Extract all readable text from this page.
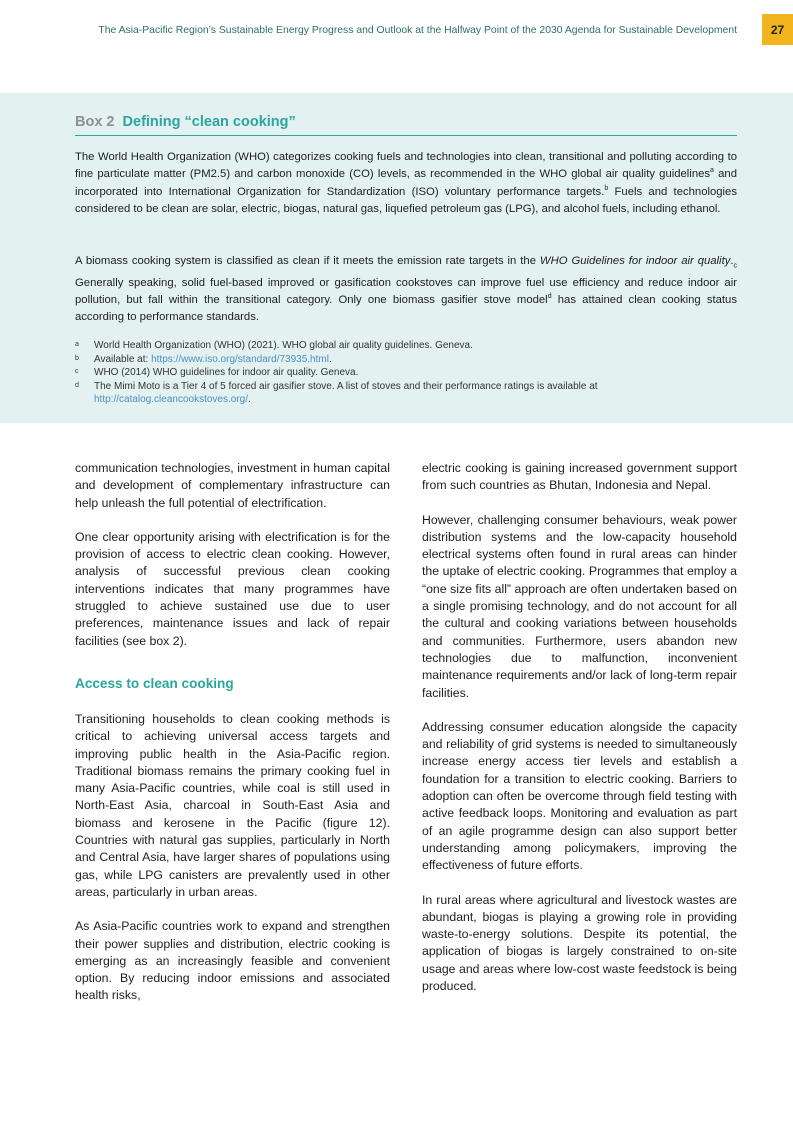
The Asia-Pacific Region’s Sustainable Energy Progress and Outlook at the Halfway Point of the 2030 Agenda for Sustainable Development	27
Box 2 Defining “clean cooking”

The World Health Organization (WHO) categorizes cooking fuels and technologies into clean, transitional and polluting according to fine particulate matter (PM2.5) and carbon monoxide (CO) levels, as recommended in the WHO global air quality guidelines$^a$ and incorporated into International Organization for Standardization (ISO) voluntary performance targets.$^b$ Fuels and technologies considered to be clean are solar, electric, biogas, natural gas, liquefied petroleum gas (LPG), and alcohol fuels, including ethanol.

A biomass cooking system is classified as clean if it meets the emission rate targets in the WHO Guidelines for indoor air $quality._c$ Generally speaking, solid fuel-based improved or gasification cookstoves can improve fuel use efficiency and reduce indoor air pollution, but fall within the transitional category. Only one biomass gasifier stove model$^d$ has attained clean cooking status according to performance standards.

a	World Health Organization (WHO) (2021). WHO global air quality guidelines. Geneva.
b	Available at: https://www.iso.org/standard/73935.html.
c	WHO (2014) WHO guidelines for indoor air quality. Geneva.
d	The Mimi Moto is a Tier 4 of 5 forced air gasifier stove. A list of stoves and their performance ratings is available at http://catalog.cleancookstoves.org/.

communication technologies, investment in human capital and development of complementary infrastructure can help unleash the full potential of electrification.

One clear opportunity arising with electrification is for the provision of access to electric clean cooking. However, analysis of successful previous clean cooking interventions indicates that many programmes have struggled to achieve sustained use due to user preferences, maintenance issues and lack of repair facilities (see box 2).

Access to clean cooking

Transitioning households to clean cooking methods is critical to achieving universal access targets and improving public health in the Asia-Pacific region. Traditional biomass remains the primary cooking fuel in many Asia-Pacific countries, while coal is still used in North-East Asia, charcoal in South-East Asia and biomass and kerosene in the Pacific (figure 12). Countries with natural gas supplies, particularly in North and Central Asia, have larger shares of populations using gas, while LPG canisters are prevalently used in other areas, particularly in urban areas.

As Asia-Pacific countries work to expand and strengthen their power supplies and distribution, electric cooking is emerging as an increasingly feasible and convenient option. By reducing indoor emissions and associated health risks,

electric cooking is gaining increased government support from such countries as Bhutan, Indonesia and Nepal.

However, challenging consumer behaviours, weak power distribution systems and the low-capacity household electrical systems often found in rural areas can hinder the uptake of electric cooking. Programmes that employ a “one size fits all” approach are often undertaken based on a single promising technology, and do not account for all the cultural and cooking variations between households and communities. Furthermore, users abandon new technologies due to malfunction, inconvenient maintenance requirements and/or lack of long-term repair facilities.

Addressing consumer education alongside the capacity and reliability of grid systems is needed to simultaneously increase energy access tier levels and establish a foundation for a transition to electric cooking. Barriers to adoption can often be overcome through field testing with active feedback loops. Monitoring and evaluation as part of an agile programme design can also support better understanding among policymakers, improving the effectiveness of future efforts.

In rural areas where agricultural and livestock wastes are abundant, biogas is playing a growing role in providing waste-to-energy solutions. Despite its potential, the application of biogas is largely constrained to on-site usage and areas where low-cost waste feedstock is being produced.
